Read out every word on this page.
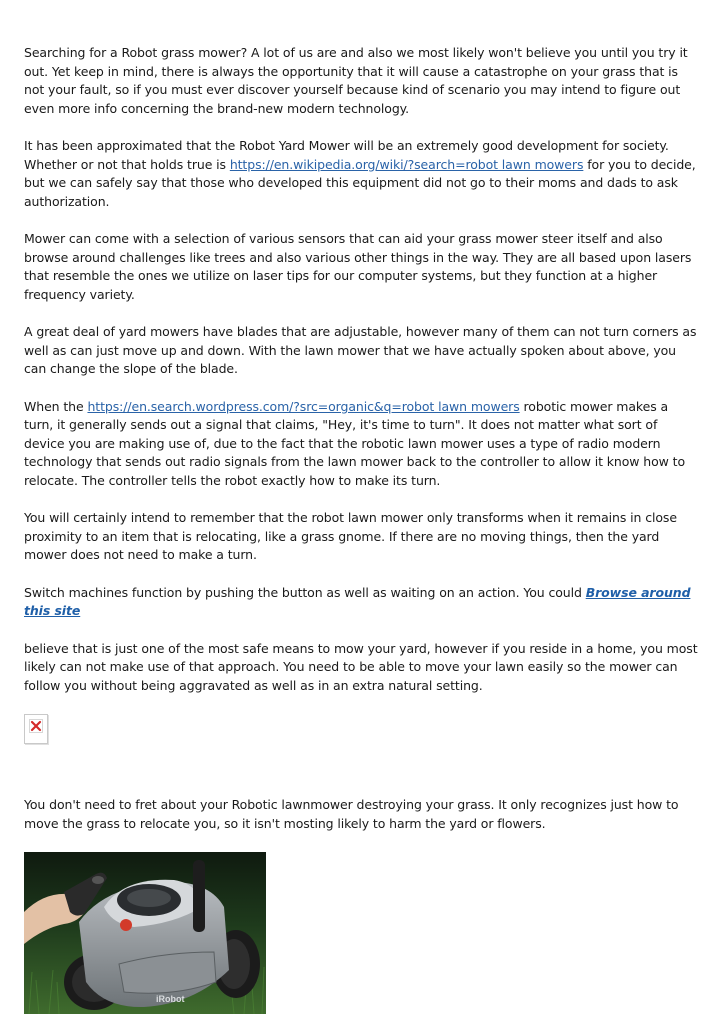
Searching for a Robot grass mower? A lot of us are and also we most likely won't believe you until you try it out. Yet keep in mind, there is always the opportunity that it will cause a catastrophe on your grass that is not your fault, so if you must ever discover yourself because kind of scenario you may intend to figure out even more info concerning the brand-new modern technology.

It has been approximated that the Robot Yard Mower will be an extremely good development for society. Whether or not that holds true is https://en.wikipedia.org/wiki/?search=robot lawn mowers for you to decide, but we can safely say that those who developed this equipment did not go to their moms and dads to ask authorization.

Mower can come with a selection of various sensors that can aid your grass mower steer itself and also browse around challenges like trees and also various other things in the way. They are all based upon lasers that resemble the ones we utilize on laser tips for our computer systems, but they function at a higher frequency variety.

A great deal of yard mowers have blades that are adjustable, however many of them can not turn corners as well as can just move up and down. With the lawn mower that we have actually spoken about above, you can change the slope of the blade.

When the https://en.search.wordpress.com/?src=organic&q=robot lawn mowers robotic mower makes a turn, it generally sends out a signal that claims, "Hey, it's time to turn". It does not matter what sort of device you are making use of, due to the fact that the robotic lawn mower uses a type of radio modern technology that sends out radio signals from the lawn mower back to the controller to allow it know how to relocate. The controller tells the robot exactly how to make its turn.

You will certainly intend to remember that the robot lawn mower only transforms when it remains in close proximity to an item that is relocating, like a grass gnome. If there are no moving things, then the yard mower does not need to make a turn.

Switch machines function by pushing the button as well as waiting on an action. You could Browse around this site

believe that is just one of the most safe means to mow your yard, however if you reside in a home, you most likely can not make use of that approach. You need to be able to move your lawn easily so the mower can follow you without being aggravated as well as in an extra natural setting.

You don't need to fret about your Robotic lawnmower destroying your grass. It only recognizes just how to move the grass to relocate you, so it isn't mosting likely to harm the yard or flowers.

iRobot
